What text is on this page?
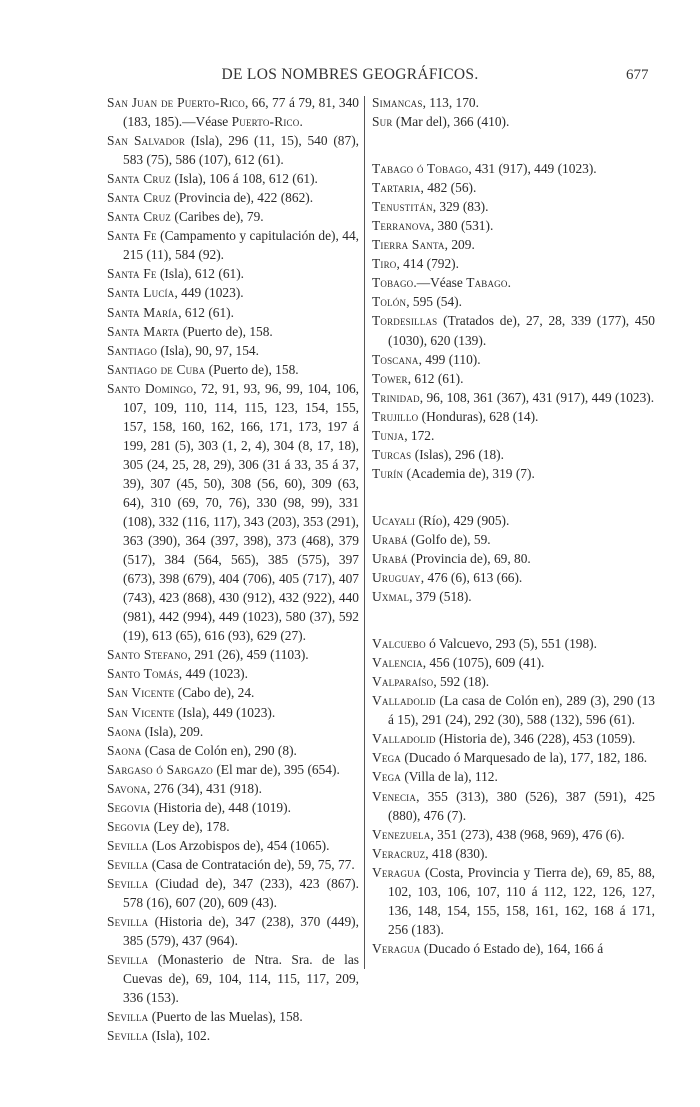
DE LOS NOMBRES GEOGRÁFICOS.	677
San Juan de Puerto-Rico, 66, 77 á 79, 81, 340 (183, 185).—Véase Puerto-Rico.
San Salvador (Isla), 296 (11, 15), 540 (87), 583 (75), 586 (107), 612 (61).
Santa Cruz (Isla), 106 á 108, 612 (61).
Santa Cruz (Provincia de), 422 (862).
Santa Cruz (Caribes de), 79.
Santa Fe (Campamento y capitulación de), 44, 215 (11), 584 (92).
Santa Fe (Isla), 612 (61).
Santa Lucía, 449 (1023).
Santa María, 612 (61).
Santa Marta (Puerto de), 158.
Santiago (Isla), 90, 97, 154.
Santiago de Cuba (Puerto de), 158.
Santo Domingo, 72, 91, 93, 96, 99, 104, 106, 107, 109, 110, 114, 115, 123, 154, 155, 157, 158, 160, 162, 166, 171, 173, 197 á 199, 281 (5), 303 (1, 2, 4), 304 (8, 17, 18), 305 (24, 25, 28, 29), 306 (31 á 33, 35 á 37, 39), 307 (45, 50), 308 (56, 60), 309 (63, 64), 310 (69, 70, 76), 330 (98, 99), 331 (108), 332 (116, 117), 343 (203), 353 (291), 363 (390), 364 (397, 398), 373 (468), 379 (517), 384 (564, 565), 385 (575), 397 (673), 398 (679), 404 (706), 405 (717), 407 (743), 423 (868), 430 (912), 432 (922), 440 (981), 442 (994), 449 (1023), 580 (37), 592 (19), 613 (65), 616 (93), 629 (27).
Santo Stefano, 291 (26), 459 (1103).
Santo Tomás, 449 (1023).
San Vicente (Cabo de), 24.
San Vicente (Isla), 449 (1023).
Saona (Isla), 209.
Saona (Casa de Colón en), 290 (8).
Sargaso ó Sargazo (El mar de), 395 (654).
Savona, 276 (34), 431 (918).
Segovia (Historia de), 448 (1019).
Segovia (Ley de), 178.
Sevilla (Los Arzobispos de), 454 (1065).
Sevilla (Casa de Contratación de), 59, 75, 77.
Sevilla (Ciudad de), 347 (233), 423 (867). 578 (16), 607 (20), 609 (43).
Sevilla (Historia de), 347 (238), 370 (449), 385 (579), 437 (964).
Sevilla (Monasterio de Ntra. Sra. de las Cuevas de), 69, 104, 114, 115, 117, 209, 336 (153).
Sevilla (Puerto de las Muelas), 158.
Sevilla (Isla), 102.
Simancas, 113, 170.
Sur (Mar del), 366 (410).
Tabago ó Tobago, 431 (917), 449 (1023).
Tartaria, 482 (56).
Tenustitán, 329 (83).
Terranova, 380 (531).
Tierra Santa, 209.
Tiro, 414 (792).
Tobago.—Véase Tabago.
Tolón, 595 (54).
Tordesillas (Tratados de), 27, 28, 339 (177), 450 (1030), 620 (139).
Toscana, 499 (110).
Tower, 612 (61).
Trinidad, 96, 108, 361 (367), 431 (917), 449 (1023).
Trujillo (Honduras), 628 (14).
Tunja, 172.
Turcas (Islas), 296 (18).
Turín (Academia de), 319 (7).
Ucayali (Río), 429 (905).
Urabá (Golfo de), 59.
Urabá (Provincia de), 69, 80.
Uruguay, 476 (6), 613 (66).
Uxmal, 379 (518).
Valcuebo ó Valcuevo, 293 (5), 551 (198).
Valencia, 456 (1075), 609 (41).
Valparaíso, 592 (18).
Valladolid (La casa de Colón en), 289 (3), 290 (13 á 15), 291 (24), 292 (30), 588 (132), 596 (61).
Valladolid (Historia de), 346 (228), 453 (1059).
Vega (Ducado ó Marquesado de la), 177, 182, 186.
Vega (Villa de la), 112.
Venecia, 355 (313), 380 (526), 387 (591), 425 (880), 476 (7).
Venezuela, 351 (273), 438 (968, 969), 476 (6).
Veracruz, 418 (830).
Veragua (Costa, Provincia y Tierra de), 69, 85, 88, 102, 103, 106, 107, 110 á 112, 122, 126, 127, 136, 148, 154, 155, 158, 161, 162, 168 á 171, 256 (183).
Veragua (Ducado ó Estado de), 164, 166 á
